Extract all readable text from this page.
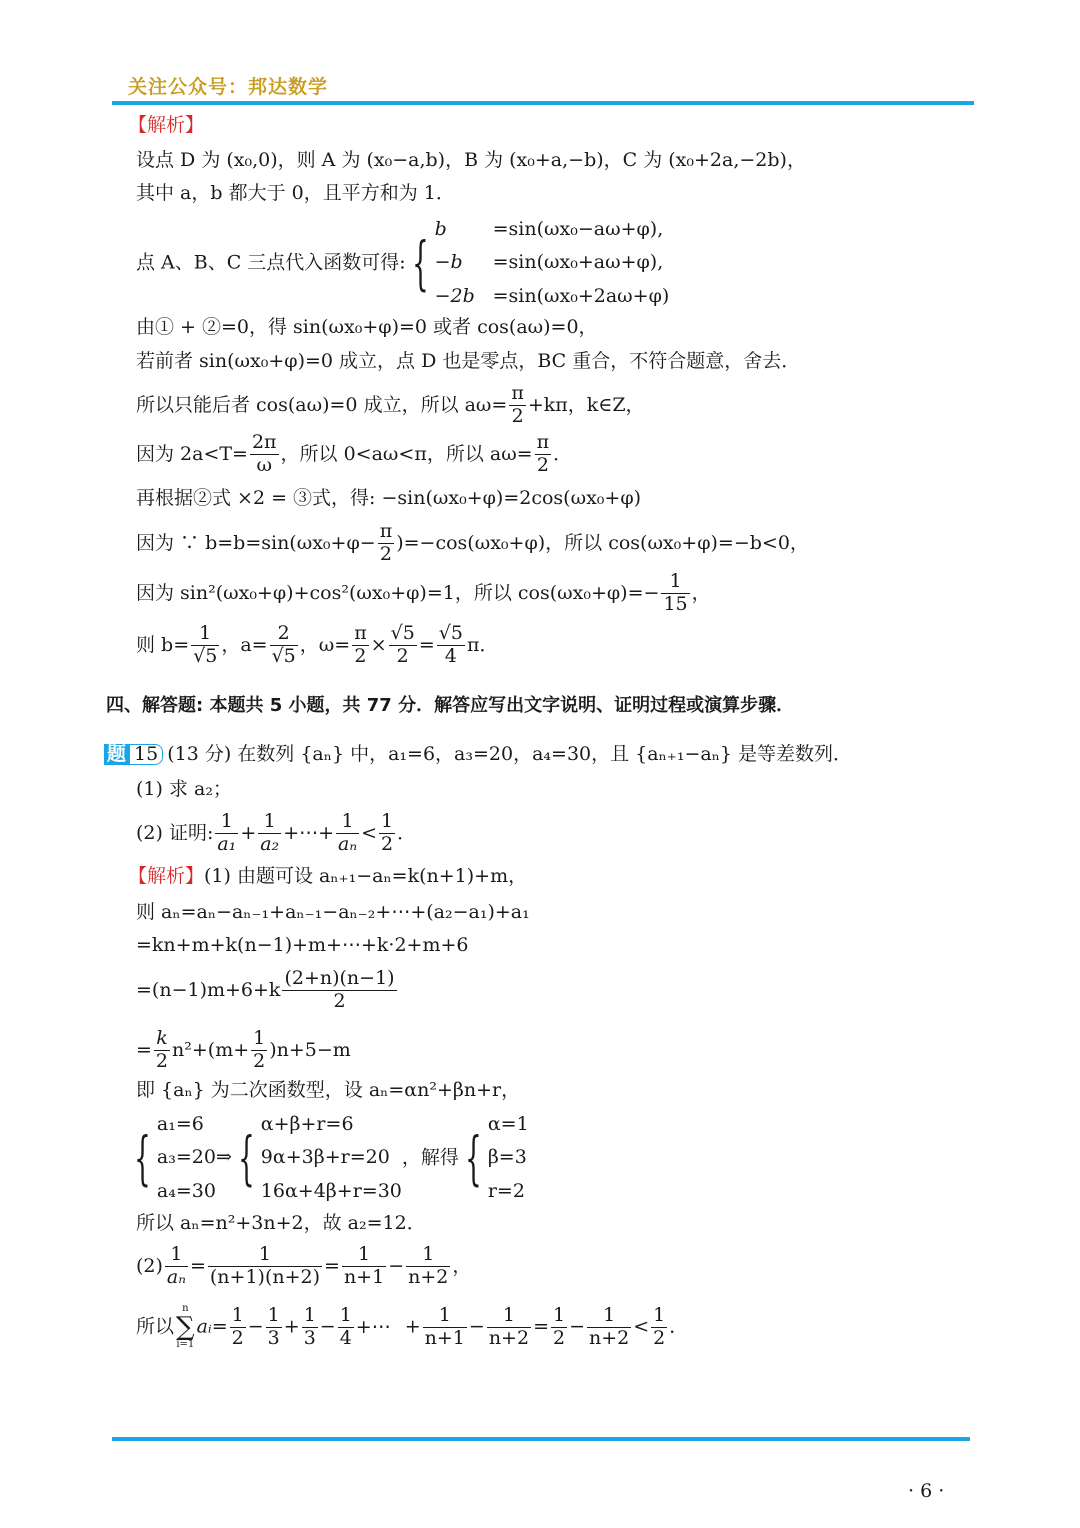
关注公众号：邦达数学
【解析】
设点 D 为 (x₀,0)，则 A 为 (x₀−a,b)，B 为 (x₀+a,−b)，C 为 (x₀+2a,−2b)，
其中 a，b 都大于 0，且平方和为 1．
点 A、B、C 三点代入函数可得: { b
−b
−2b
=sin(ωx₀−aω+φ),
=sin(ωx₀+aω+φ),
=sin(ωx₀+2aω+φ)
由① + ②=0，得 sin(ωx₀+φ)=0 或者 cos(aω)=0，
若前者 sin(ωx₀+φ)=0 成立，点 D 也是零点，BC 重合，不符合题意，舍去．
所以只能后者 cos(aω)=0 成立，所以 $a\omega= \frac{\pi}{2} +k\pi$，k∈Z，
因为 $2a<T= \frac{2\pi}{\omega}$ ，所以 0<aω<π，所以 $a\omega= \frac{\pi}{2}$ ．
再根据②式 ×2 = ③式，得: −sin(ωx₀+φ)=2cos(ωx₀+φ)
因为 ∵ $b=b=\sin(\omega x_0+\varphi- \frac{\pi}{2} )=-\cos(\omega x_0+\varphi)$，所以 cos(ωx₀+φ)=−b<0，
因为 sin²(ωx₀+φ)+cos²(ωx₀+φ)=1，所以 $\cos(\omega x_0+\varphi)=- \frac{1}{15}$ ，
则 $b= \frac{1}{√5}$ ，$a= \frac{2}{√5}$ ，$\omega= \frac{\pi}{2} \times \frac{√5}{2} = \frac{√5}{4}$ π．
四、解答题: 本题共 5 小题，共 77 分．解答应写出文字说明、证明过程或演算步骤．
题 15 (13 分) 在数列 {aₙ} 中，a₁=6，a₃=20，a₄=30，且 {aₙ₊₁−aₙ} 是等差数列．
(1) 求 a₂；
(2) 证明: $\frac{1}{\text{a₁}} + \frac{1}{\text{a₂}}$ +⋯+ $\frac{1}{\text{aₙ}} < \frac{1}{2}$ ．
【解析】(1) 由题可设 aₙ₊₁−aₙ=k(n+1)+m，
则 aₙ=aₙ−aₙ₋₁+aₙ₋₁−aₙ₋₂+⋯+(a₂−a₁)+a₁
=kn+m+k(n−1)+m+⋯+k·2+m+6
$=(n-1)m+6+k \frac{(2+n)(n-1)}{2}$
= $\frac{k}{2} n^2+(m+ \frac{1}{2} )n+5-m$
即 {aₙ} 为二次函数型，设 aₙ=αn²+βn+r，
{ a₁=6
a₃=20⇒
a₄=30 { α+β+r=6
9α+3β+r=20
16α+4β+r=30
，解得 { α=1
β=3
r=2
所以 aₙ=n²+3n+2，故 a₂=12．
$(2) \frac{1}{\text{aₙ}} = \frac{1}{(n+1)(n+2)} = \frac{1}{n+1} - \frac{1}{n+2}$ ，
所以
n
∑
i=1
aᵢ= $\frac{1}{2} - \frac{1}{3} + \frac{1}{3} - \frac{1}{4}$ +⋯ + $\frac{1}{n+1} - \frac{1}{n+2} = \frac{1}{2} - \frac{1}{n+2} < \frac{1}{2}$ ．
· 6 ·
